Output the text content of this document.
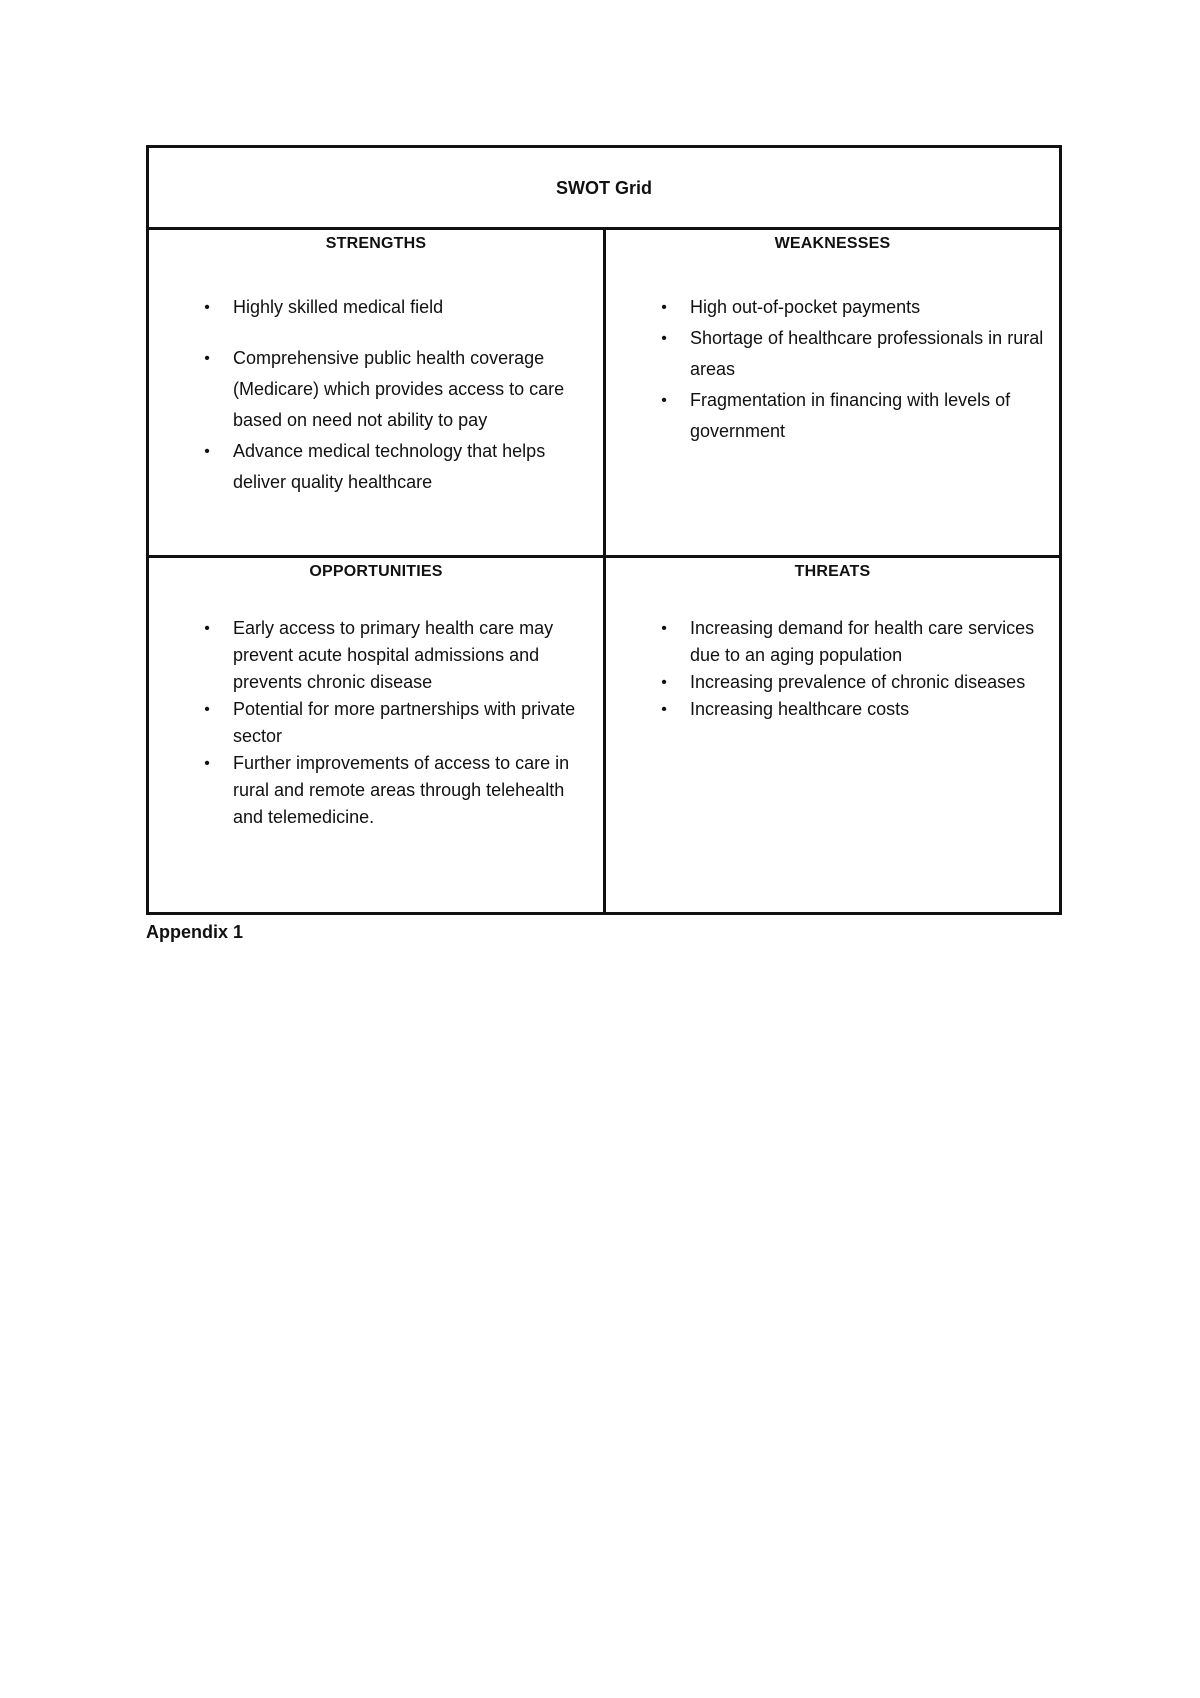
SWOT Grid
STRENGTHS
•	Highly skilled medical field
•	Comprehensive public health coverage (Medicare) which provides access to care based on need not ability to pay
•	Advance medical technology that helps deliver quality healthcare
WEAKNESSES
•	High out-of-pocket payments
•	Shortage of healthcare professionals in rural areas
•	Fragmentation in financing with levels of government
OPPORTUNITIES
•	Early access to primary health care may prevent acute hospital admissions and prevents chronic disease
•	Potential for more partnerships with private sector
•	Further improvements of access to care in rural and remote areas through telehealth and telemedicine.
THREATS
•	Increasing demand for health care services due to an aging population
•	Increasing prevalence of chronic diseases
•	Increasing healthcare costs
Appendix 1
